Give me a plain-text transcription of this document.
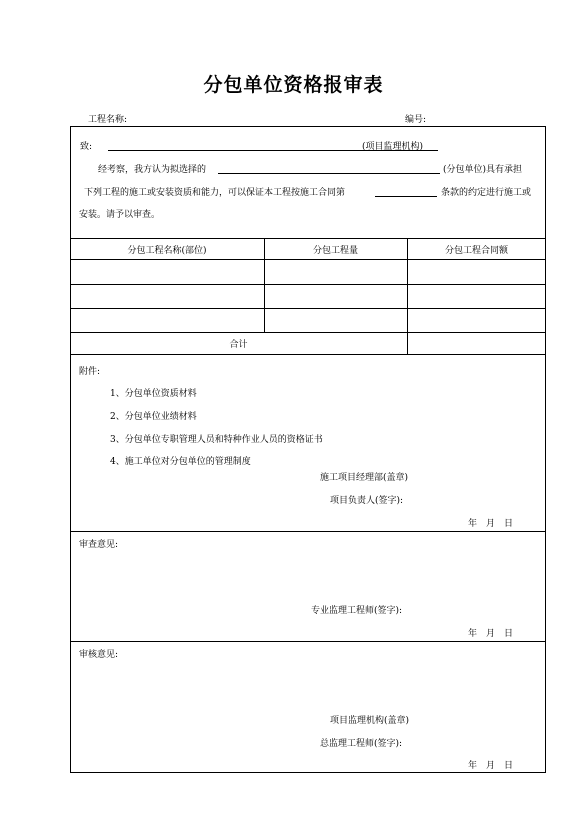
分包单位资格报审表
工程名称:	编号:
致:	(项目监理机构)
经考察，我方认为拟选择的	(分包单位)具有承担
下列工程的施工或安装资质和能力，可以保证本工程按施工合同第	条款的约定进行施工或
安装。请予以审查。
分包工程名称(部位)	分包工程量	分包工程合同额
合计
附件:
1、分包单位资质材料
2、分包单位业绩材料
3、分包单位专职管理人员和特种作业人员的资格证书
4、施工单位对分包单位的管理制度
施工项目经理部(盖章)
项目负责人(签字):
年　月　日
审查意见:
专业监理工程师(签字):
年　月　日
审核意见:
项目监理机构(盖章)
总监理工程师(签字):
年　月　日
